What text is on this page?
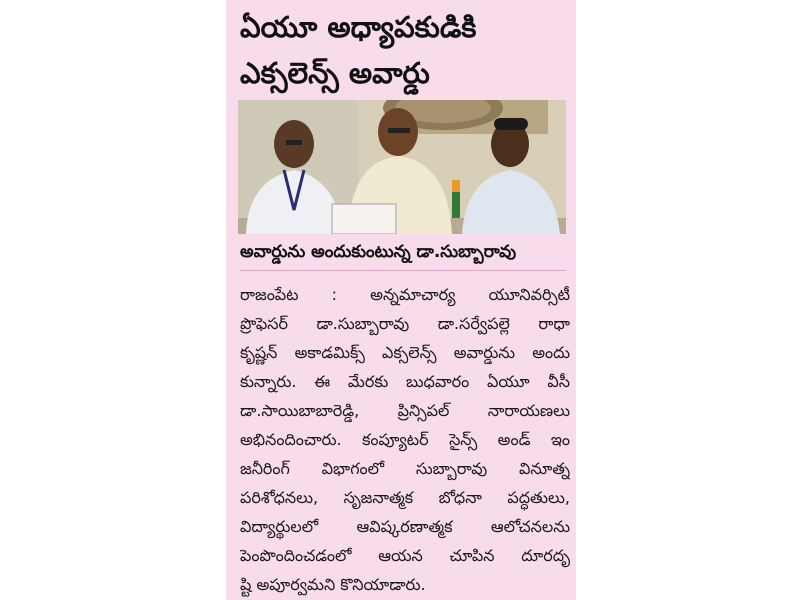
ఏయూ అధ్యాపకుడికి
ఎక్సలెన్స్ అవార్డు

అవార్డును అందుకుంటున్న డా.సుబ్బారావు

రాజంపేట : అన్నమాచార్య యూనివర్సిటీ
ప్రొఫెసర్ డా.సుబ్బారావు డా.సర్వేపల్లె రాధా
కృష్ణన్ అకాడమిక్స్ ఎక్సలెన్స్ అవార్డును అందు
కున్నారు. ఈ మేరకు బుధవారం ఏయూ వీసీ
డా.సాయిబాబారెడ్డి, ప్రిన్సిపల్ నారాయణలు
అభినందించారు. కంప్యూటర్ సైన్స్ అండ్ ఇం
జనీరింగ్ విభాగంలో సుబ్బారావు వినూత్న
పరిశోధనలు, సృజనాత్మక బోధనా పద్ధతులు,
విద్యార్థులలో ఆవిష్కరణాత్మక ఆలోచనలను
పెంపొందించడంలో ఆయన చూపిన దూరదృ
ష్టి అపూర్వమని కొనియాడారు.
